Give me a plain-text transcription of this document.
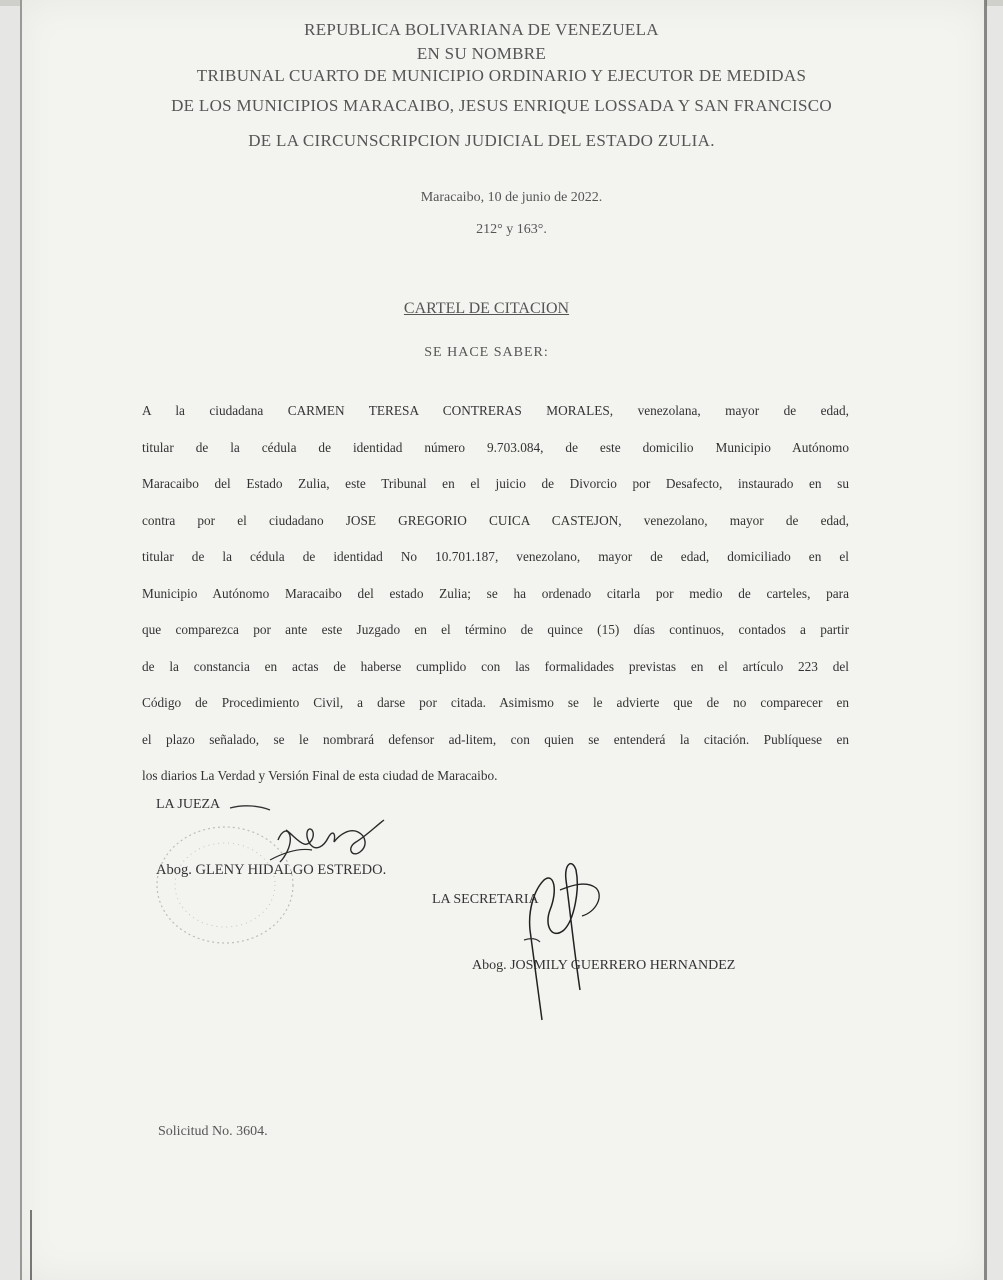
REPUBLICA BOLIVARIANA DE VENEZUELA
EN SU NOMBRE
TRIBUNAL CUARTO DE MUNICIPIO ORDINARIO Y EJECUTOR DE MEDIDAS
DE LOS MUNICIPIOS MARACAIBO, JESUS ENRIQUE LOSSADA Y SAN FRANCISCO
DE LA CIRCUNSCRIPCION JUDICIAL DEL ESTADO ZULIA.
Maracaibo, 10 de junio de 2022.
212° y 163°.
CARTEL DE CITACION
SE HACE SABER:
A la ciudadana CARMEN TERESA CONTRERAS MORALES, venezolana, mayor de edad,
titular de la cédula de identidad número 9.703.084, de este domicilio Municipio Autónomo
Maracaibo del Estado Zulia, este Tribunal en el juicio de Divorcio por Desafecto, instaurado en su
contra por el ciudadano JOSE GREGORIO CUICA CASTEJON, venezolano, mayor de edad,
titular de la cédula de identidad No 10.701.187, venezolano, mayor de edad, domiciliado en el
Municipio Autónomo Maracaibo del estado Zulia; se ha ordenado citarla por medio de carteles, para
que comparezca por ante este Juzgado en el término de quince (15) días continuos, contados a partir
de la constancia en actas de haberse cumplido con las formalidades previstas en el artículo 223 del
Código de Procedimiento Civil, a darse por citada. Asimismo se le advierte que de no comparecer en
el plazo señalado, se le nombrará defensor ad-litem, con quien se entenderá la citación. Publíquese en
los diarios La Verdad y Versión Final de esta ciudad de Maracaibo.
LA JUEZA
Abog. GLENY HIDALGO ESTREDO.
LA SECRETARIA
Abog. JOSMILY GUERRERO HERNANDEZ
Solicitud No. 3604.
